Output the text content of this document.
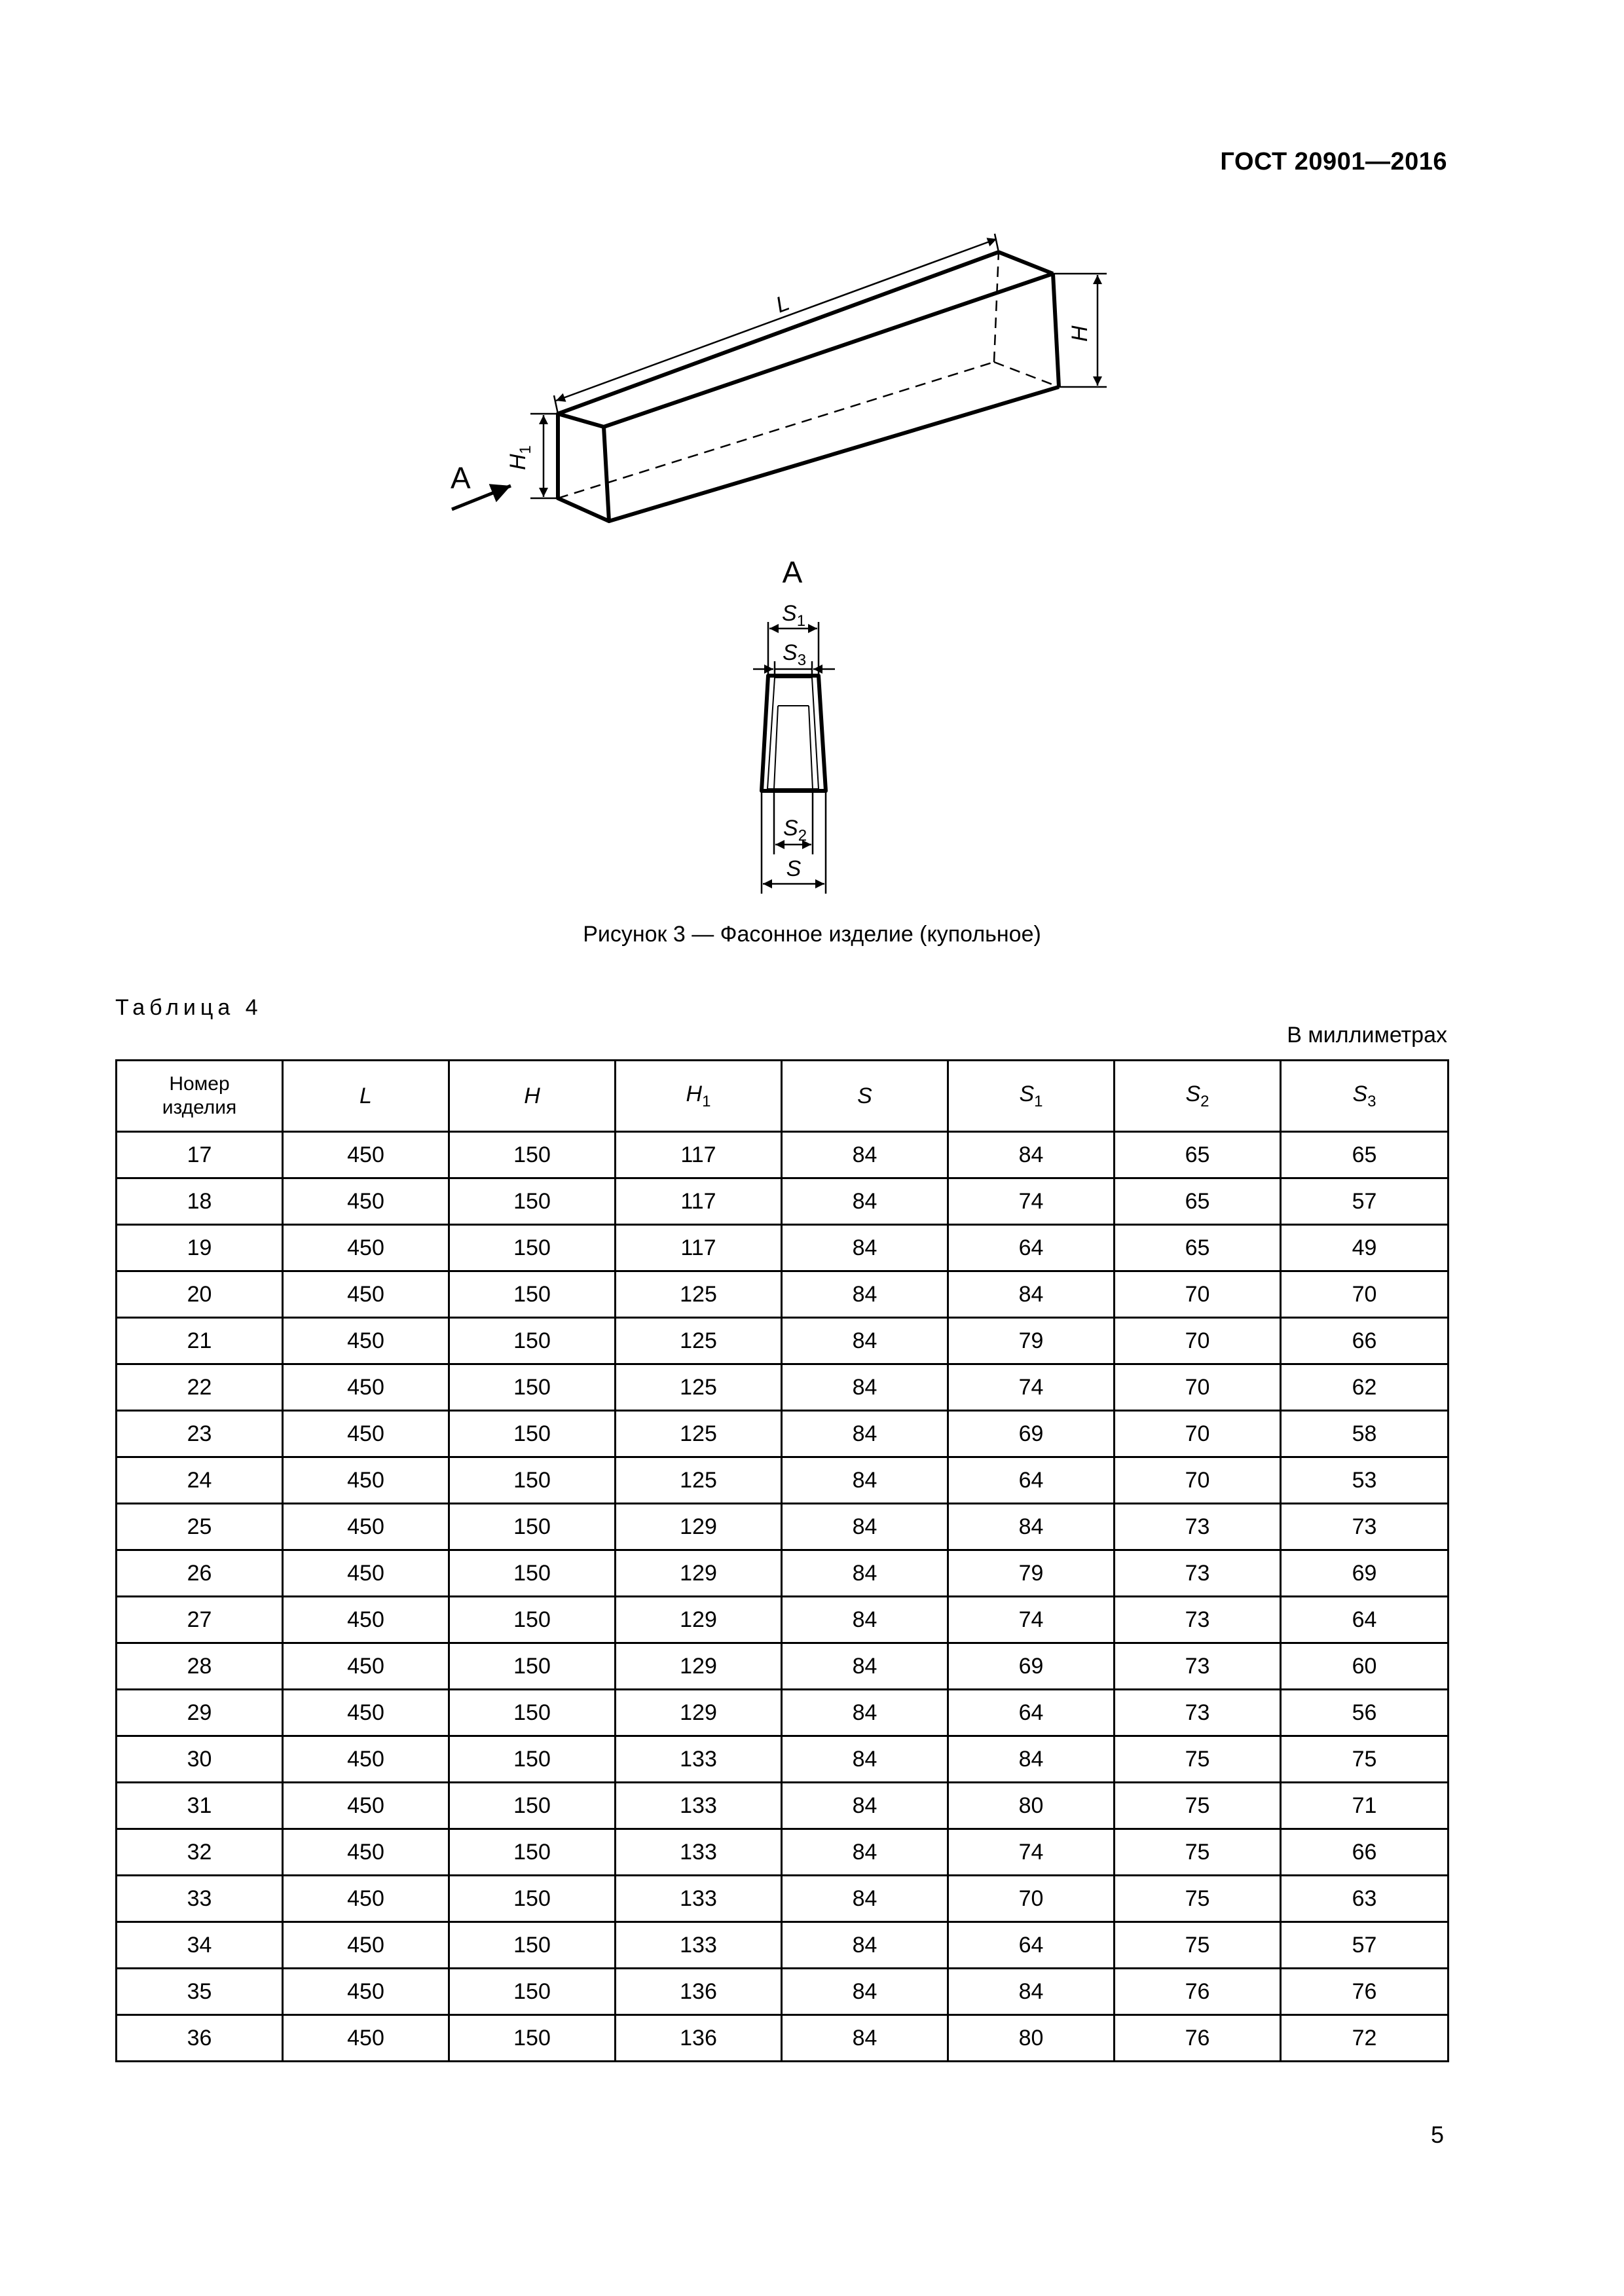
ГОСТ 20901—2016
L
H
$H_1$
A
A
$S_1$
$S_3$
$S_2$
S
Рисунок 3 — Фасонное изделие (купольное)
Таблица 4
В миллиметрах
Номер
изделия	L	H	$H_1$	S	$S_1$	$S_2$	$S_3$
17	450	150	117	84	84	65	65
18	450	150	117	84	74	65	57
19	450	150	117	84	64	65	49
20	450	150	125	84	84	70	70
21	450	150	125	84	79	70	66
22	450	150	125	84	74	70	62
23	450	150	125	84	69	70	58
24	450	150	125	84	64	70	53
25	450	150	129	84	84	73	73
26	450	150	129	84	79	73	69
27	450	150	129	84	74	73	64
28	450	150	129	84	69	73	60
29	450	150	129	84	64	73	56
30	450	150	133	84	84	75	75
31	450	150	133	84	80	75	71
32	450	150	133	84	74	75	66
33	450	150	133	84	70	75	63
34	450	150	133	84	64	75	57
35	450	150	136	84	84	76	76
36	450	150	136	84	80	76	72
5
